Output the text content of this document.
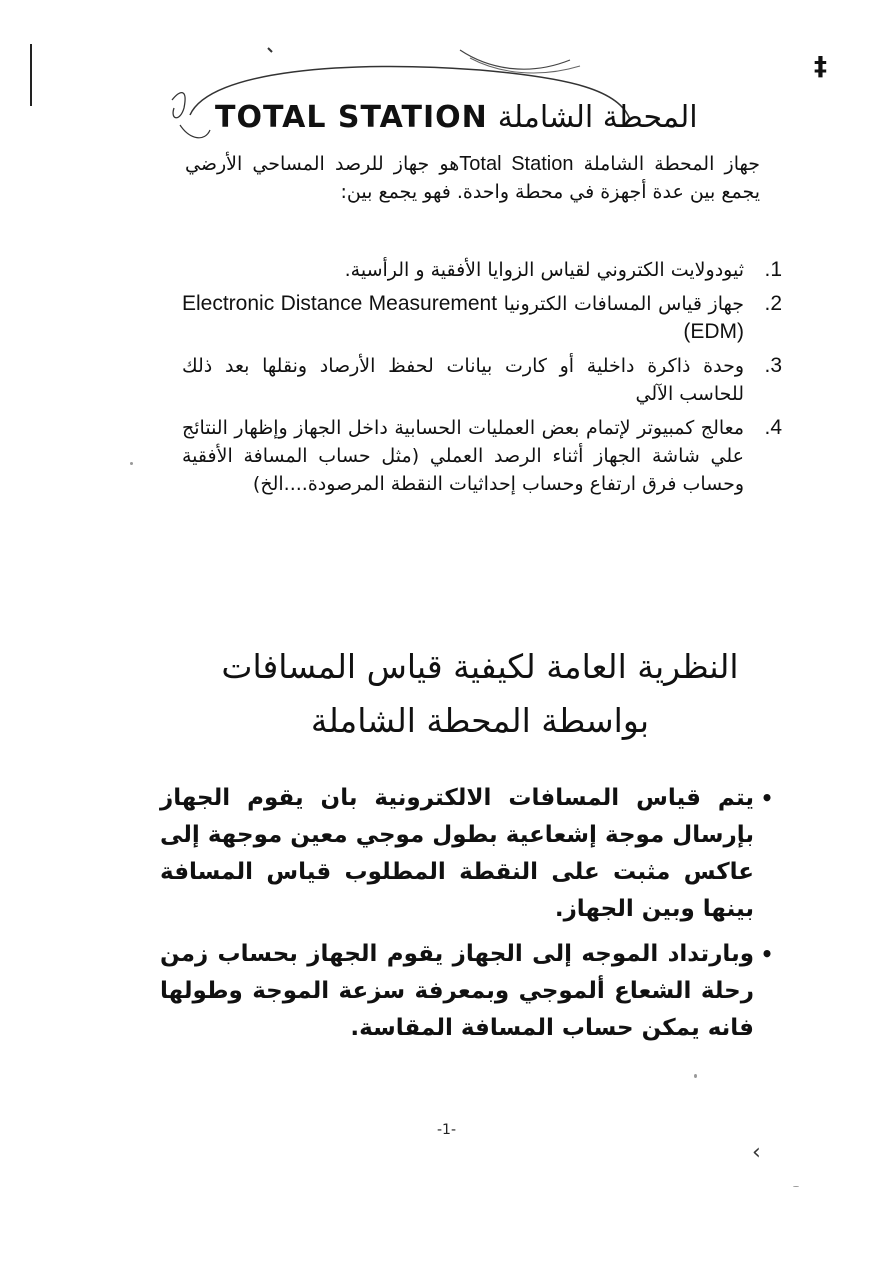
‡
TOTAL STATION المحطة الشاملة

جهاز المحطة الشاملة Total Stationهو جهاز للرصد المساحي الأرضي يجمع بين عدة أجهزة في محطة واحدة. فهو يجمع بين:

1.
ثيودولايت الكتروني لقياس الزوايا الأفقية و الرأسية.
2.
جهاز قياس المسافات الكترونيا Electronic Distance Measurement (EDM)
3.
وحدة ذاكرة داخلية أو كارت بيانات لحفظ الأرصاد ونقلها بعد ذلك للحاسب الآلي
4.
معالج كمبيوتر لإتمام بعض العمليات الحسابية داخل الجهاز وإظهار النتائج علي شاشة الجهاز أثناء الرصد العملي (مثل حساب المسافة الأفقية وحساب فرق ارتفاع وحساب إحداثيات النقطة المرصودة....الخ)
النظرية العامة لكيفية قياس المسافات بواسطة المحطة الشاملة
•
يتم قياس المسافات الالكترونية بان يقوم الجهاز بإرسال موجة إشعاعية بطول موجي معين موجهة إلى عاكس مثبت على النقطة المطلوب قياس المسافة بينها وبين الجهاز.
•
وبارتداد الموجه إلى الجهاز يقوم الجهاز بحساب زمن رحلة الشعاع ألموجي وبمعرفة سزعة الموجة وطولها فانه يمكن حساب المسافة المقاسة.
-1-
‹
